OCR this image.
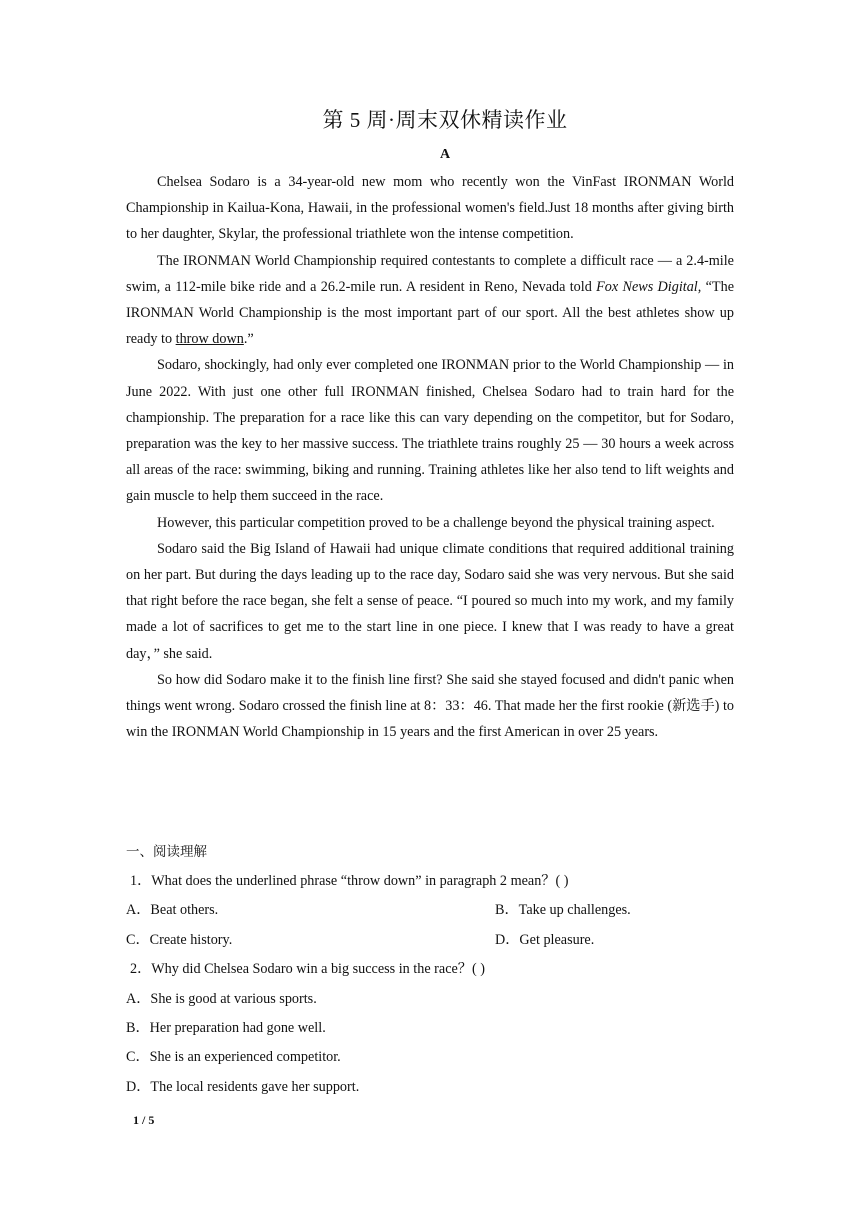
第 5 周·周末双休精读作业
A

Chelsea Sodaro is a 34-year-old new mom who recently won the VinFast IRONMAN World Championship in Kailua-Kona, Hawaii, in the professional women's field.Just 18 months after giving birth to her daughter, Skylar, the professional triathlete won the intense competition.

The IRONMAN World Championship required contestants to complete a difficult race — a 2.4-mile swim, a 112-mile bike ride and a 26.2-mile run. A resident in Reno, Nevada told Fox News Digital, “The IRONMAN World Championship is the most important part of our sport. All the best athletes show up ready to throw down.”

Sodaro, shockingly, had only ever completed one IRONMAN prior to the World Championship — in June 2022. With just one other full IRONMAN finished, Chelsea Sodaro had to train hard for the championship. The preparation for a race like this can vary depending on the competitor, but for Sodaro, preparation was the key to her massive success. The triathlete trains roughly 25 — 30 hours a week across all areas of the race: swimming, biking and running. Training athletes like her also tend to lift weights and gain muscle to help them succeed in the race.

However, this particular competition proved to be a challenge beyond the physical training aspect.

Sodaro said the Big Island of Hawaii had unique climate conditions that required additional training on her part. But during the days leading up to the race day, Sodaro said she was very nervous. But she said that right before the race began, she felt a sense of peace. “I poured so much into my work, and my family made a lot of sacrifices to get me to the start line in one piece. I knew that I was ready to have a great day，” she said.

So how did Sodaro make it to the finish line first? She said she stayed focused and didn't panic when things went wrong. Sodaro crossed the finish line at 8：33：46. That made her the first rookie (新选手) to win the IRONMAN World Championship in 15 years and the first American in over 25 years.

一、阅读理解
1．What does the underlined phrase “throw down” in paragraph 2 mean？( )
A．Beat others.	B．Take up challenges.
C．Create history.	D．Get pleasure.
2．Why did Chelsea Sodaro win a big success in the race？( )
A．She is good at various sports.
B．Her preparation had gone well.
C．She is an experienced competitor.
D．The local residents gave her support.
1 / 5
